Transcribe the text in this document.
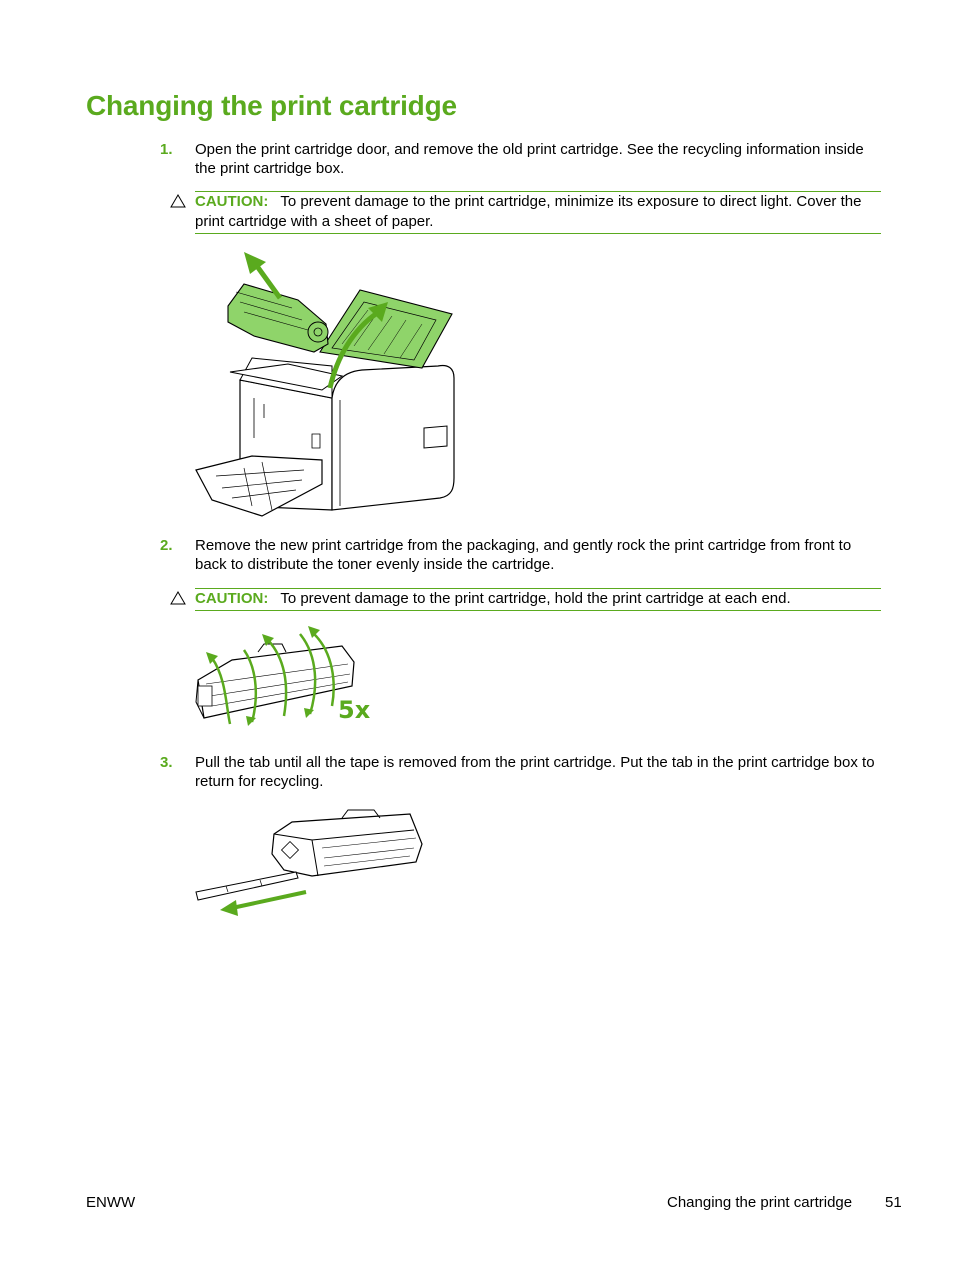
Changing the print cartridge
1. Open the print cartridge door, and remove the old print cartridge. See the recycling information inside the print cartridge box.
CAUTION: To prevent damage to the print cartridge, minimize its exposure to direct light. Cover the print cartridge with a sheet of paper.
2. Remove the new print cartridge from the packaging, and gently rock the print cartridge from front to back to distribute the toner evenly inside the cartridge.
CAUTION: To prevent damage to the print cartridge, hold the print cartridge at each end.
5x
3. Pull the tab until all the tape is removed from the print cartridge. Put the tab in the print cartridge box to return for recycling.
ENWW	Changing the print cartridge 51
